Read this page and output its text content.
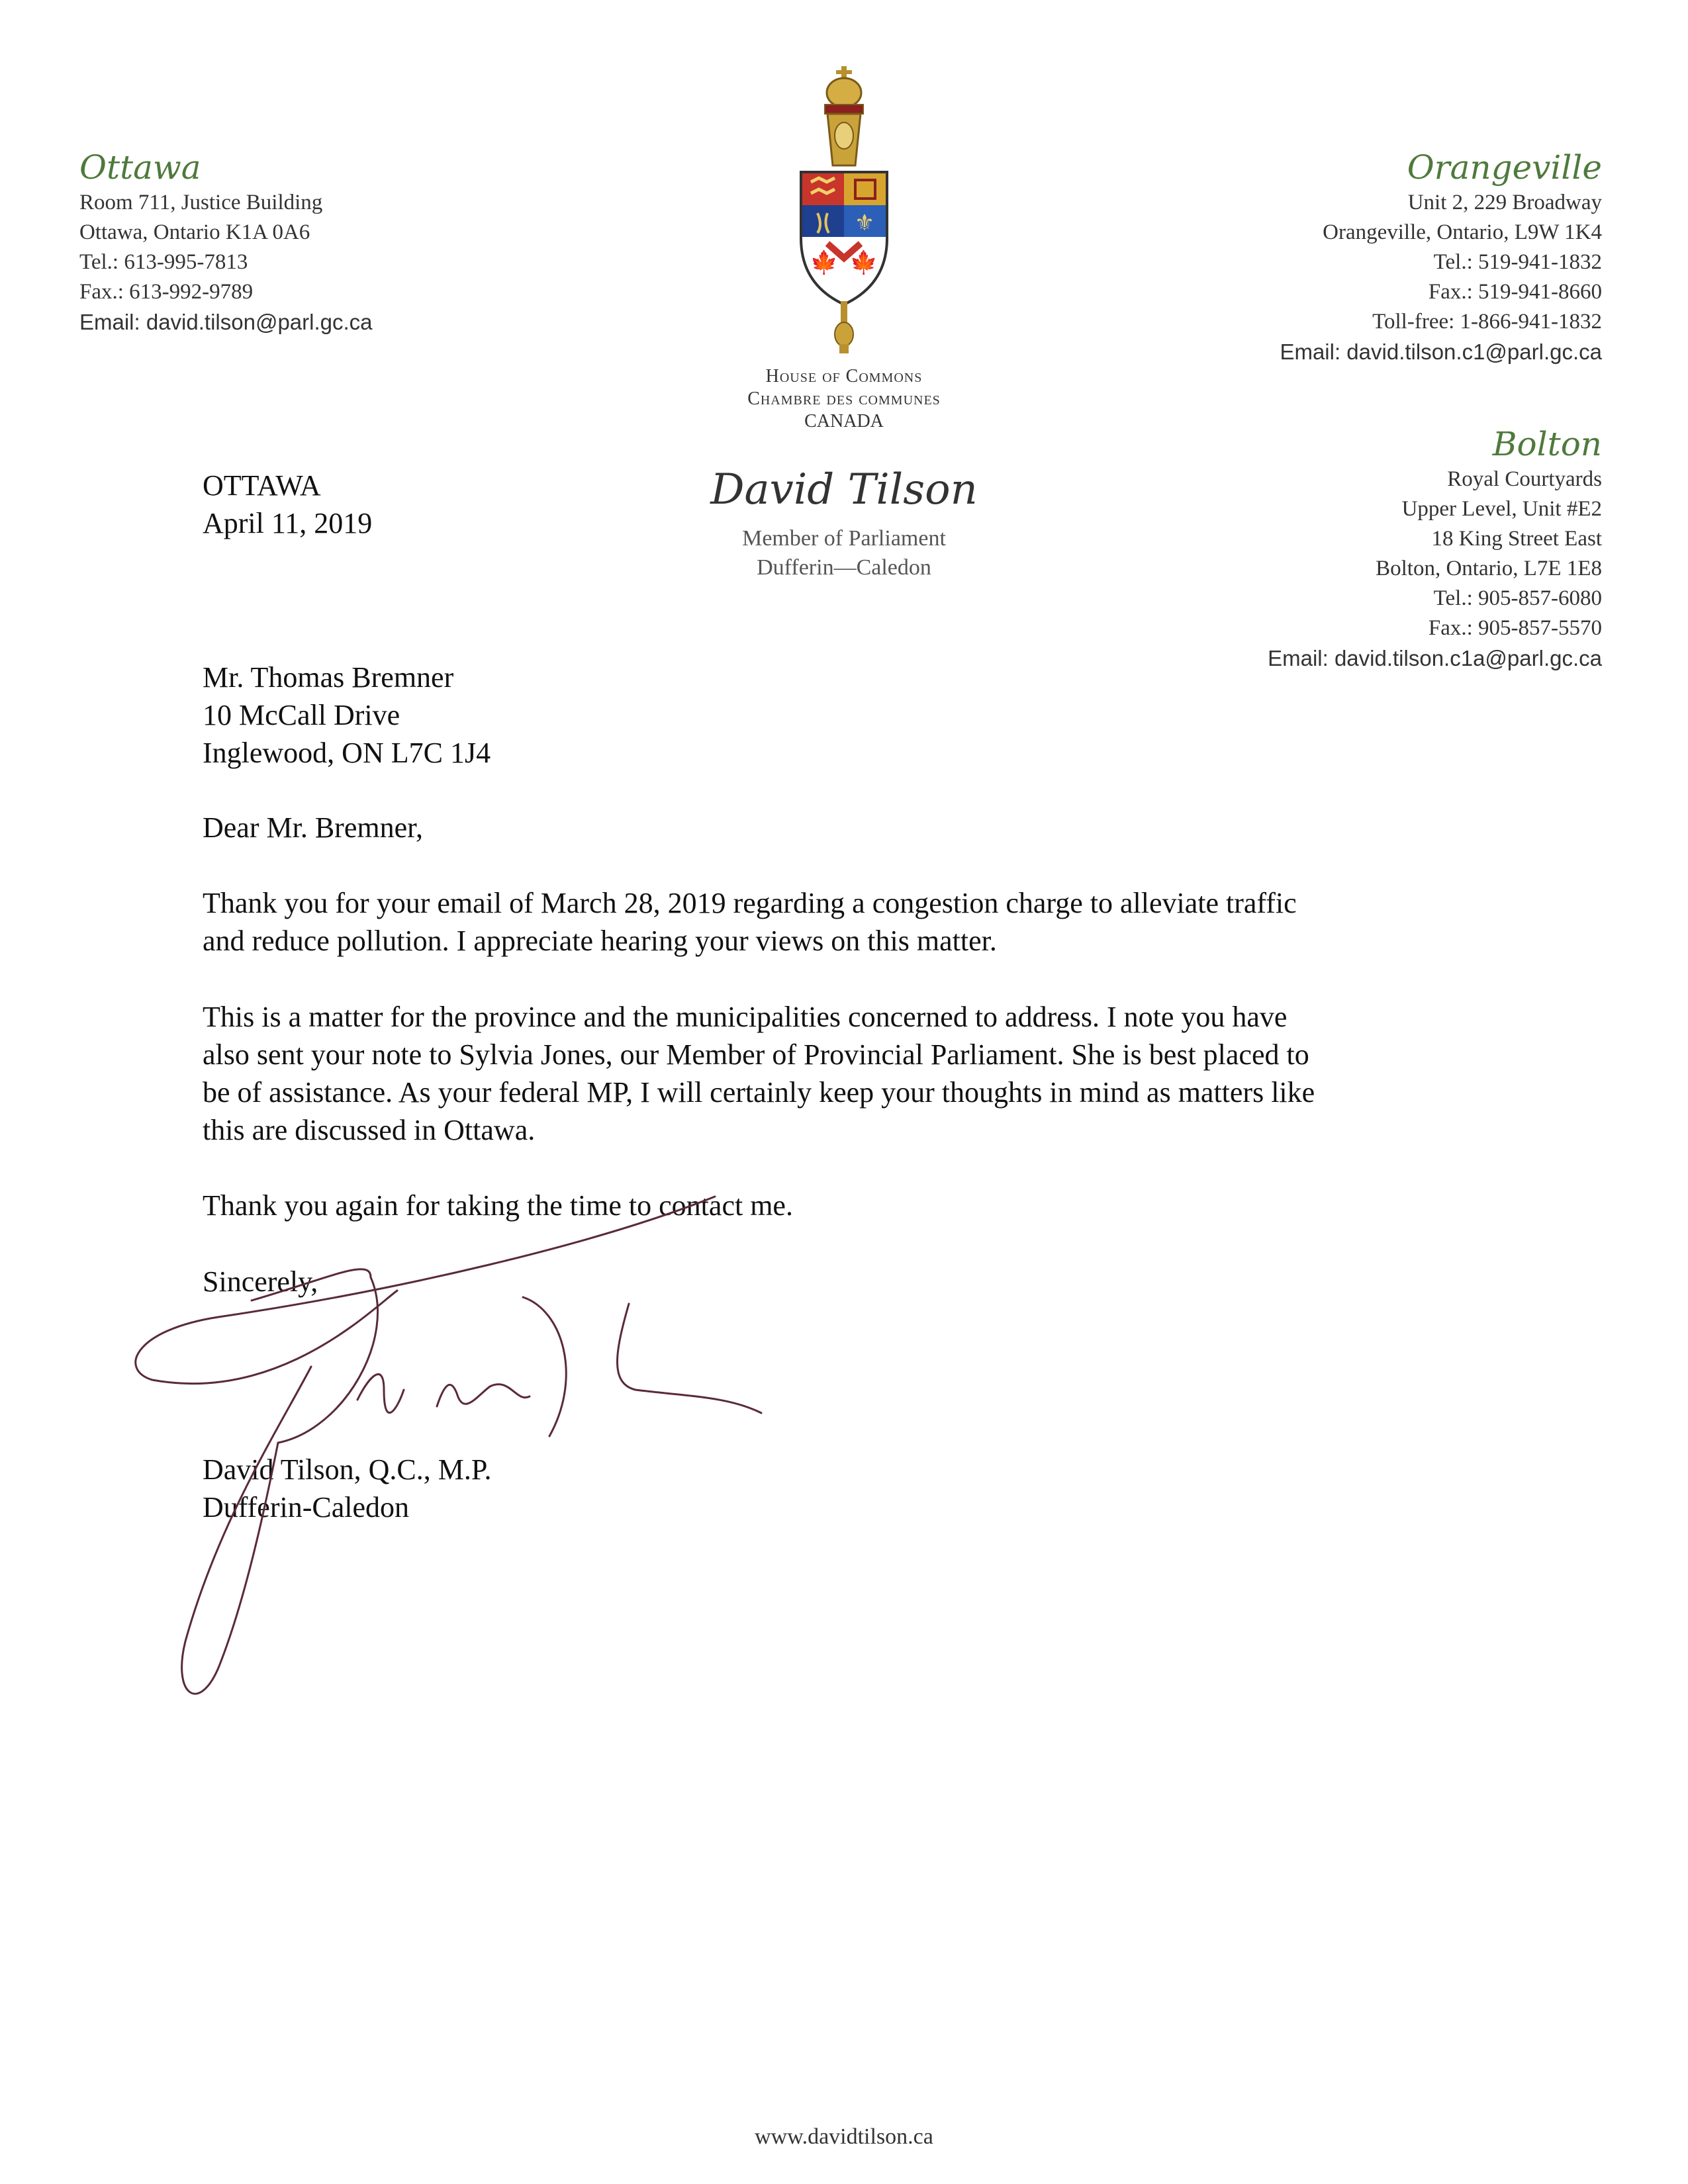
Ottawa
Room 711, Justice Building
Ottawa, Ontario K1A 0A6
Tel.: 613-995-7813
Fax.: 613-992-9789
Email: david.tilson@parl.gc.ca
Orangeville
Unit 2, 229 Broadway
Orangeville, Ontario, L9W 1K4
Tel.: 519-941-1832
Fax.: 519-941-8660
Toll-free: 1-866-941-1832
Email: david.tilson.c1@parl.gc.ca
Bolton
Royal Courtyards
Upper Level, Unit #E2
18 King Street East
Bolton, Ontario, L7E 1E8
Tel.: 905-857-6080
Fax.: 905-857-5570
Email: david.tilson.c1a@parl.gc.ca
⚜
🍁 🍁
House of Commons
Chambre des communes
CANADA
David Tilson
Member of Parliament
Dufferin—Caledon
OTTAWA
April 11, 2019
Mr. Thomas Bremner
10 McCall Drive
Inglewood, ON L7C 1J4
Dear Mr. Bremner,
Thank you for your email of March 28, 2019 regarding a congestion charge to alleviate traffic
and reduce pollution. I appreciate hearing your views on this matter.
This is a matter for the province and the municipalities concerned to address. I note you have
also sent your note to Sylvia Jones, our Member of Provincial Parliament. She is best placed to
be of assistance. As your federal MP, I will certainly keep your thoughts in mind as matters like
this are discussed in Ottawa.
Thank you again for taking the time to contact me.
Sincerely,
David Tilson, Q.C., M.P.
Dufferin-Caledon
www.davidtilson.ca
